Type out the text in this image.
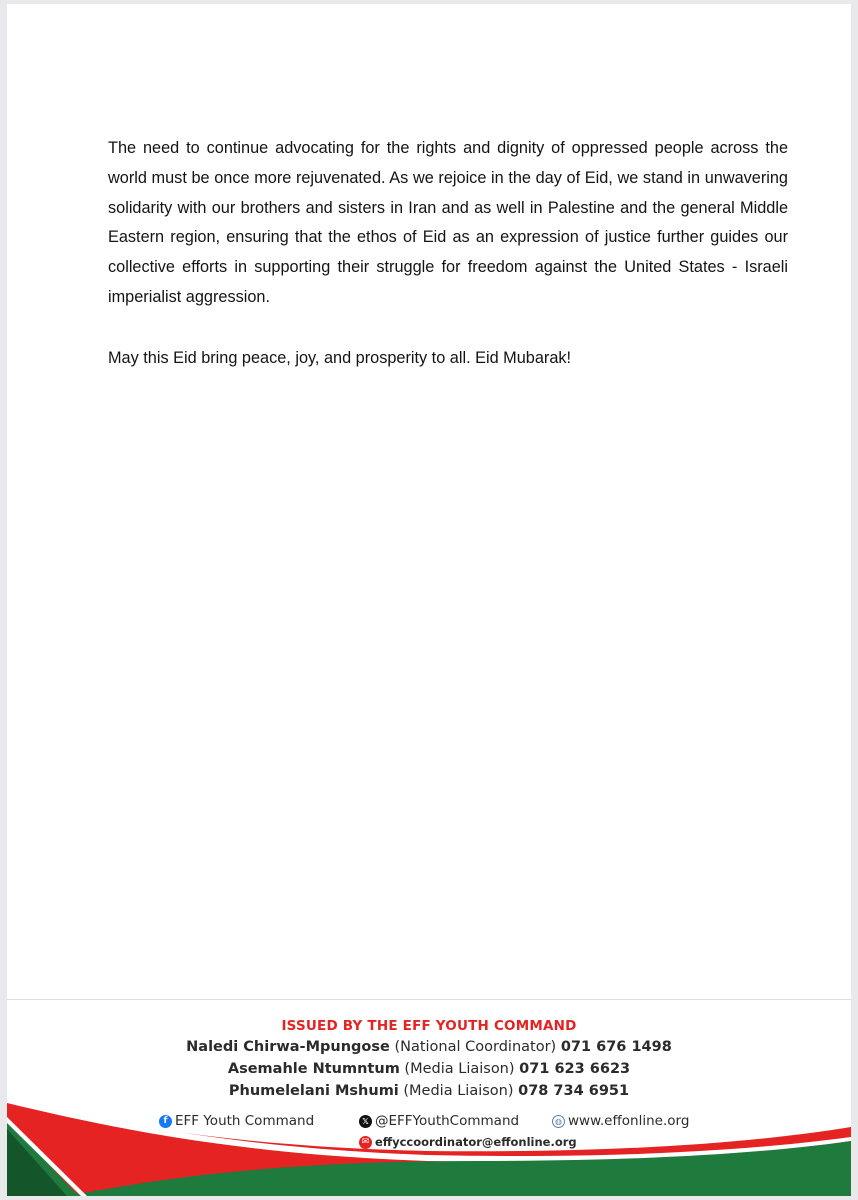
The need to continue advocating for the rights and dignity of oppressed people across the world must be once more rejuvenated. As we rejoice in the day of Eid, we stand in unwavering solidarity with our brothers and sisters in Iran and as well in Palestine and the general Middle Eastern region, ensuring that the ethos of Eid as an expression of justice further guides our collective efforts in supporting their struggle for freedom against the United States - Israeli imperialist aggression.

May this Eid bring peace, joy, and prosperity to all. Eid Mubarak!

ISSUED BY THE EFF YOUTH COMMAND
Naledi Chirwa-Mpungose (National Coordinator) 071 676 1498
Asemahle Ntumntum (Media Liaison) 071 623 6623
Phumelelani Mshumi (Media Liaison) 078 734 6951
f EFF Youth Command	𝕏 @EFFYouthCommand	◍ www.effonline.org
✉ effyccoordinator@effonline.org
